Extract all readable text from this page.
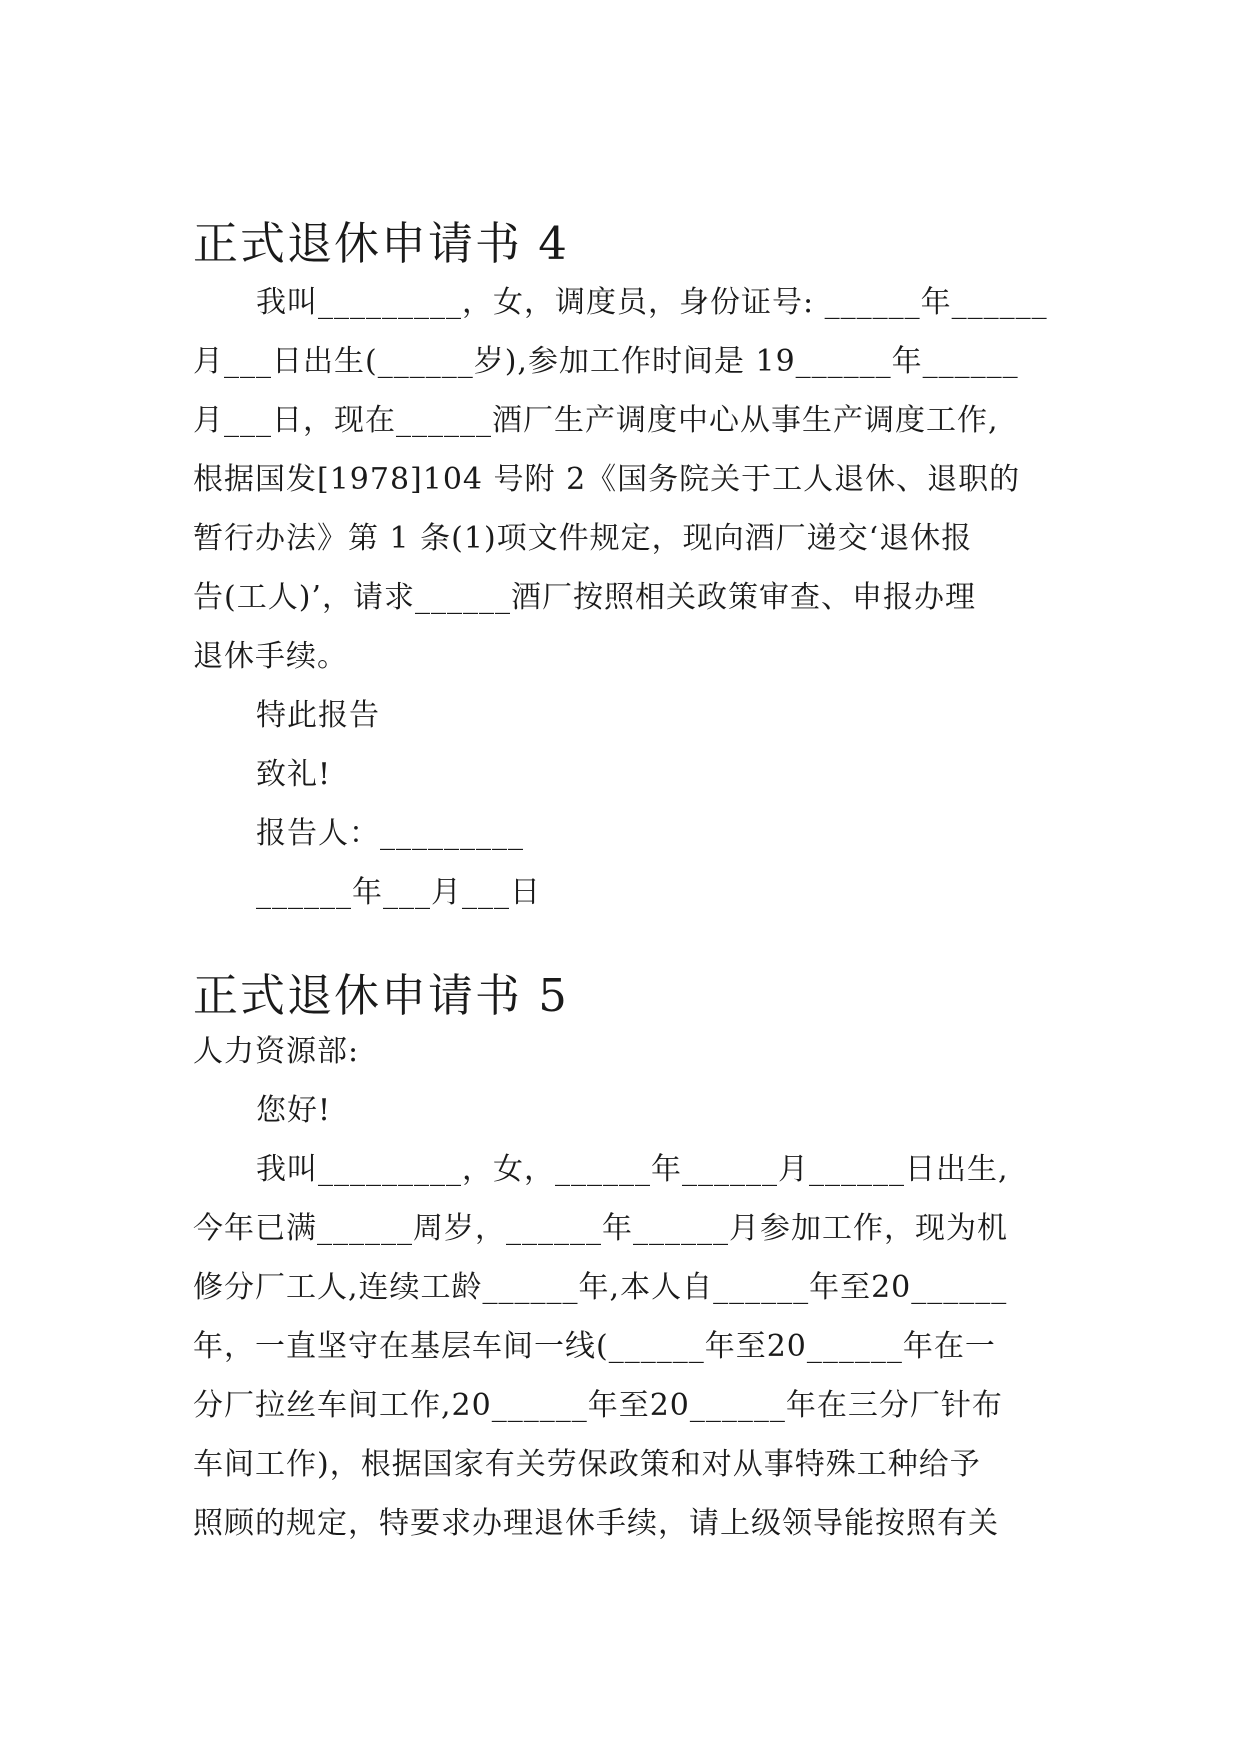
正式退休申请书 4

我叫_________，女，调度员，身份证号: ______年______

月___日出生(______岁),参加工作时间是 19______年______

月___日，现在______酒厂生产调度中心从事生产调度工作,

根据国发[1978]104 号附 2《国务院关于工人退休、退职的

暂行办法》第 1 条(1)项文件规定，现向酒厂递交‘退休报

告(工人)’，请求______酒厂按照相关政策审查、申报办理

退休手续。

特此报告

致礼!

报告人：_________

______年___月___日

正式退休申请书 5

人力资源部:

您好!

我叫_________，女，______年______月______日出生,

今年已满______周岁，______年______月参加工作，现为机

修分厂工人,连续工龄______年,本人自______年至20______

年，一直坚守在基层车间一线(______年至20______年在一

分厂拉丝车间工作,20______年至20______年在三分厂针布

车间工作)，根据国家有关劳保政策和对从事特殊工种给予

照顾的规定，特要求办理退休手续，请上级领导能按照有关
